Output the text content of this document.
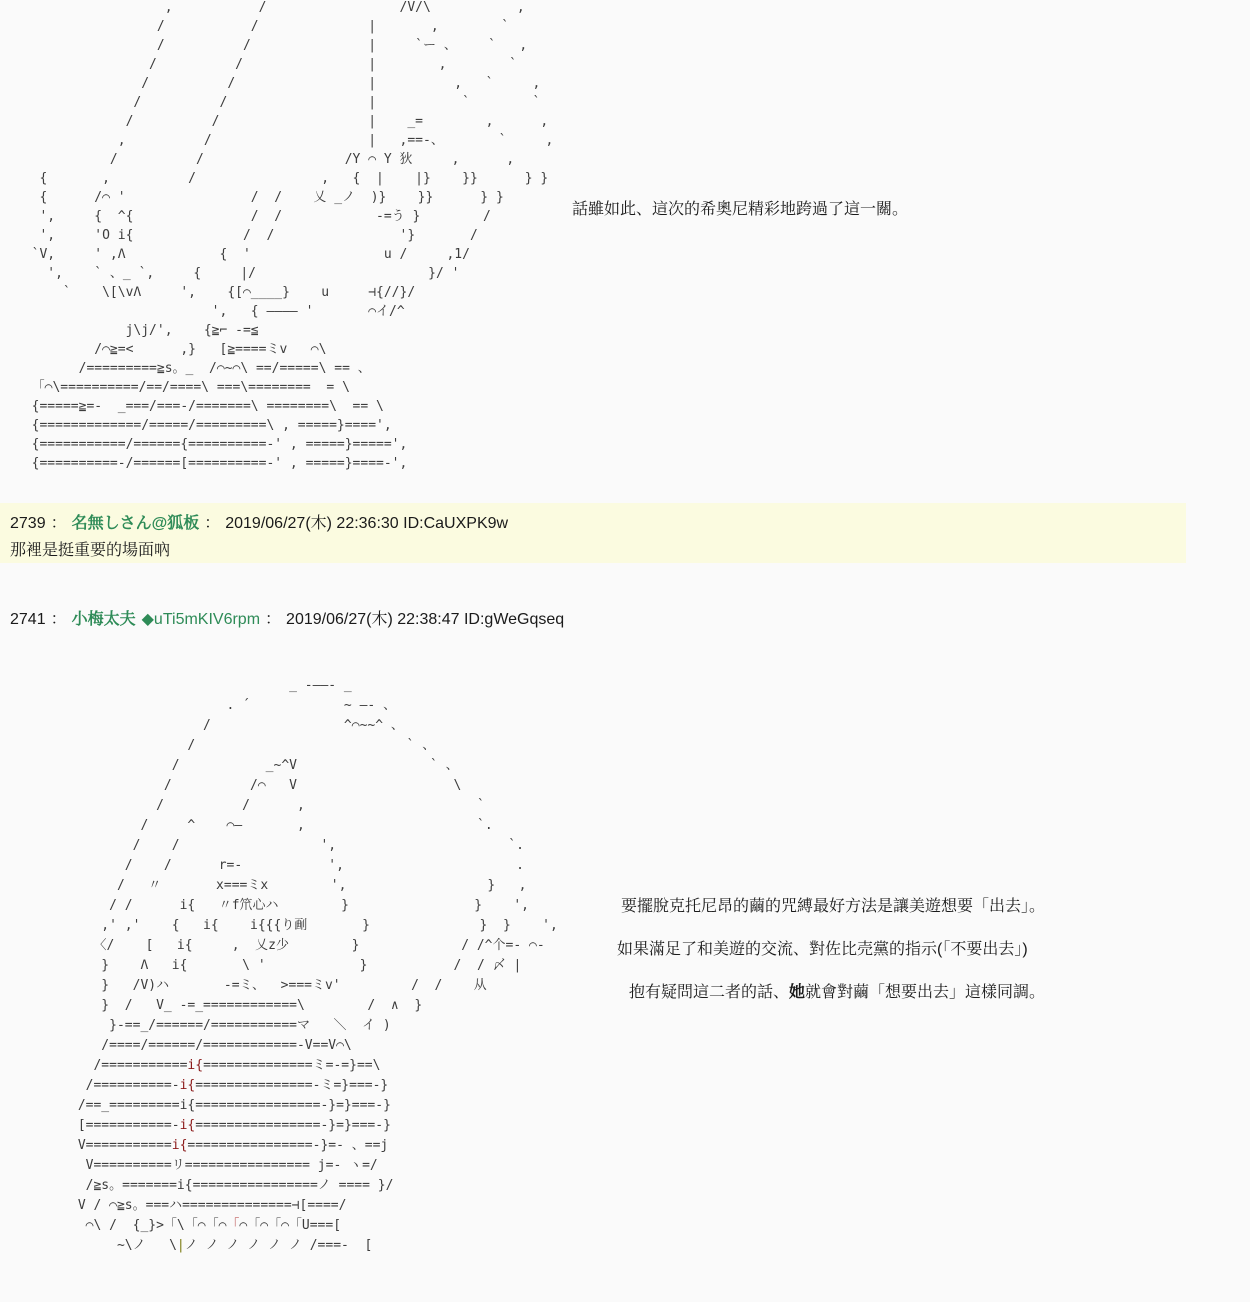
,           /                 /V/\           ,
/           /              |       ,        `
/          /               |     `ー 、    `   ,
/          /                |        ,        `
/          /                 |          ,   `     ,
/          /                  |           `        `
/          /                   |    _=        ,      ,
,          /                    |   ,==-、       `     ,
/          /                  /Y ⌒ Y 狄     ,      ,
{       ,          /                ,   {  |    |}    }}      } }
{      /⌒ '                /  /    乂 _ノ  )}    }}      } }
',     {  ^{               /  /            -=う }        /
',     'O i{              /  /                '}       /
`V,     ' ,Λ            {  '                 u /     ,1/
',    ` 、_ `,     {     |/                      }/ '
`    \[\vΛ     ',    {[⌒____}    u     ⊣{//}/
',   { ―――― '       ⌒イ/^
j\j/',    {≧⌐ -=≦
/⌒≧=<      ,}   [≧====ミv   ⌒\
/=========≧s。_  /⌒~⌒\ ==/=====\ == 、
「⌒\==========/==/====\ ===\========  = \
{=====≧=-  _===/===-/=======\ ========\  == \
{=============/=====/=========\ , =====}====',
{===========/======{==========-' , =====}=====',
{==========-/======[==========-' , =====}====-',

話雖如此、這次的希奧尼精彩地跨過了這一關。
2739 ： 名無しさん@狐板 ： 2019/06/27(木) 22:36:30 ID:CaUXPK9w
那裡是挺重要的場面吶
2741 ： 小梅太夫 ◆uTi5mKIV6rpm ： 2019/06/27(木) 22:38:47 ID:gWeGqseq
_ -――- _
. ´            ~ ―- 、
/                 ^⌒~~^ 、
/                           ` 、
/           _~^V                 ` 、
/          /⌒   V                    \
/          /      ,                      `
/     ^    ⌒―       ,                      `.
/    /                  ',                      `.
/    /      r=-           ',                      .
/   〃       x===ミx        ',                  }   ,
/ /      i{   〃f笊心ハ        }                }    ',
,' ,'    {   i{    i{{{り㓰       }              }  }    ',
〈/    [   i{     ,  乂z少        }             / /^个=- ⌒-
}    Λ   i{       \ '            }           /  / 〆 |
}   /V)ハ       -=ミ、  >===ミv'         /  /    从
}  /   V_ -=_============\        /  ∧  }
}-==_/======/===========マ   ＼  イ )
/====/======/============-V==V⌒\
/===========i{==============ミ=-=}==\
/==========-i{===============-ミ=}===-}
/==_=========i{================-}=}===-}
[===========-i{================-}=}===-}
V===========i{================-}=- 、==j
V==========リ================ j=- ヽ=/
/≧s。=======i{================ノ ==== }/
V / ⌒≧s。===ハ==============⊣[====/
⌒\ /  {_}>「\「⌒「⌒「⌒「⌒「⌒「U===[
~\ノ   \|ノ ノ ノ ノ ノ ノ /===-  [

要擺脫克托尼昂的繭的咒縛最好方法是讓美遊想要「出去」。
如果滿足了和美遊的交流、對佐比売黨的指示(「不要出去」)
抱有疑問這二者的話、她就會對繭「想要出去」這樣同調。
